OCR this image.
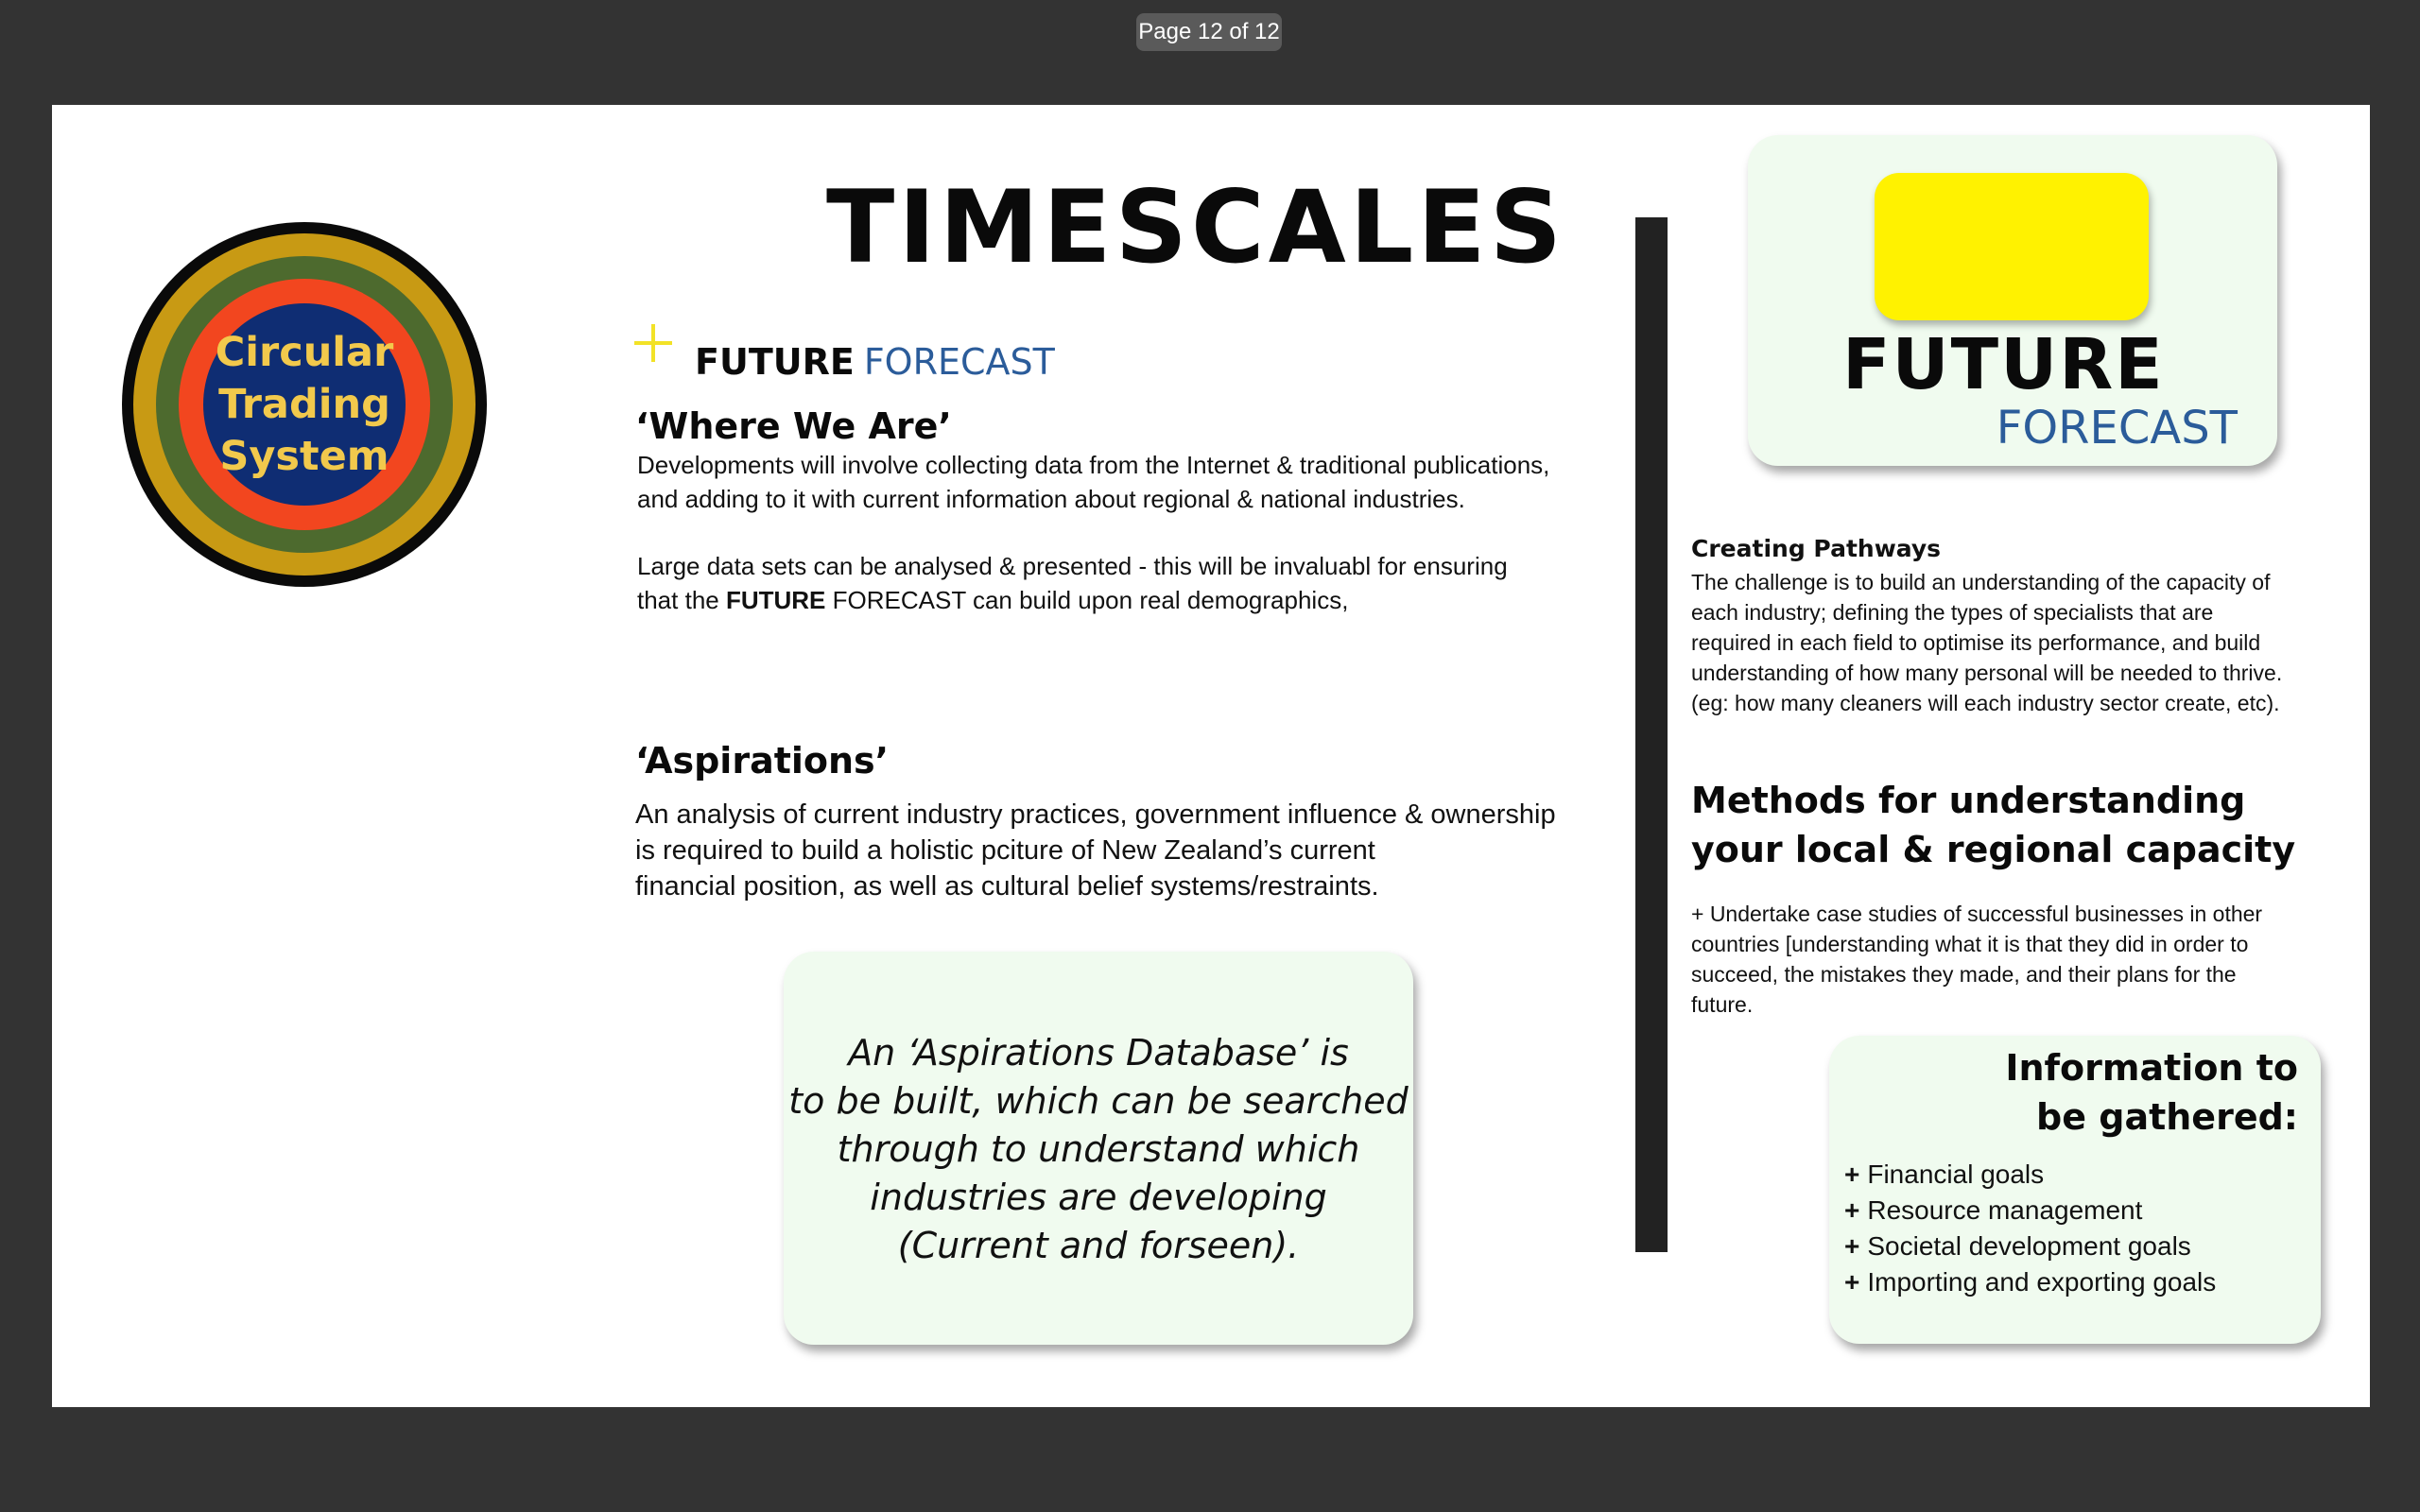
Page 12 of 12
Circular
Trading
System
TIMESCALES
FUTURE FORECAST
‘Where We Are’
Developments will involve collecting data from the Internet & traditional publications,
and adding to it with current information about regional & national industries.
Large data sets can be analysed & presented - this will be invaluabl for ensuring
that the FUTURE FORECAST can build upon real demographics,
‘Aspirations’
An analysis of current industry practices, government influence & ownership
is required to build a holistic pciture of New Zealand’s current
financial position, as well as cultural belief systems/restraints.
An ‘Aspirations Database’ is
to be built, which can be searched
through to understand which
industries are developing
(Current and forseen).
FUTURE
FORECAST
Creating Pathways
The challenge is to build an understanding of the capacity of
each industry; defining the types of specialists that are
required in each field to optimise its performance, and build
understanding of how many personal will be needed to thrive.
(eg: how many cleaners will each industry sector create, etc).
Methods for understanding
your local & regional capacity
+ Undertake case studies of successful businesses in other
countries [understanding what it is that they did in order to
succeed, the mistakes they made, and their plans for the
future.
Information to
be gathered:
+ Financial goals
+ Resource management
+ Societal development goals
+ Importing and exporting goals
